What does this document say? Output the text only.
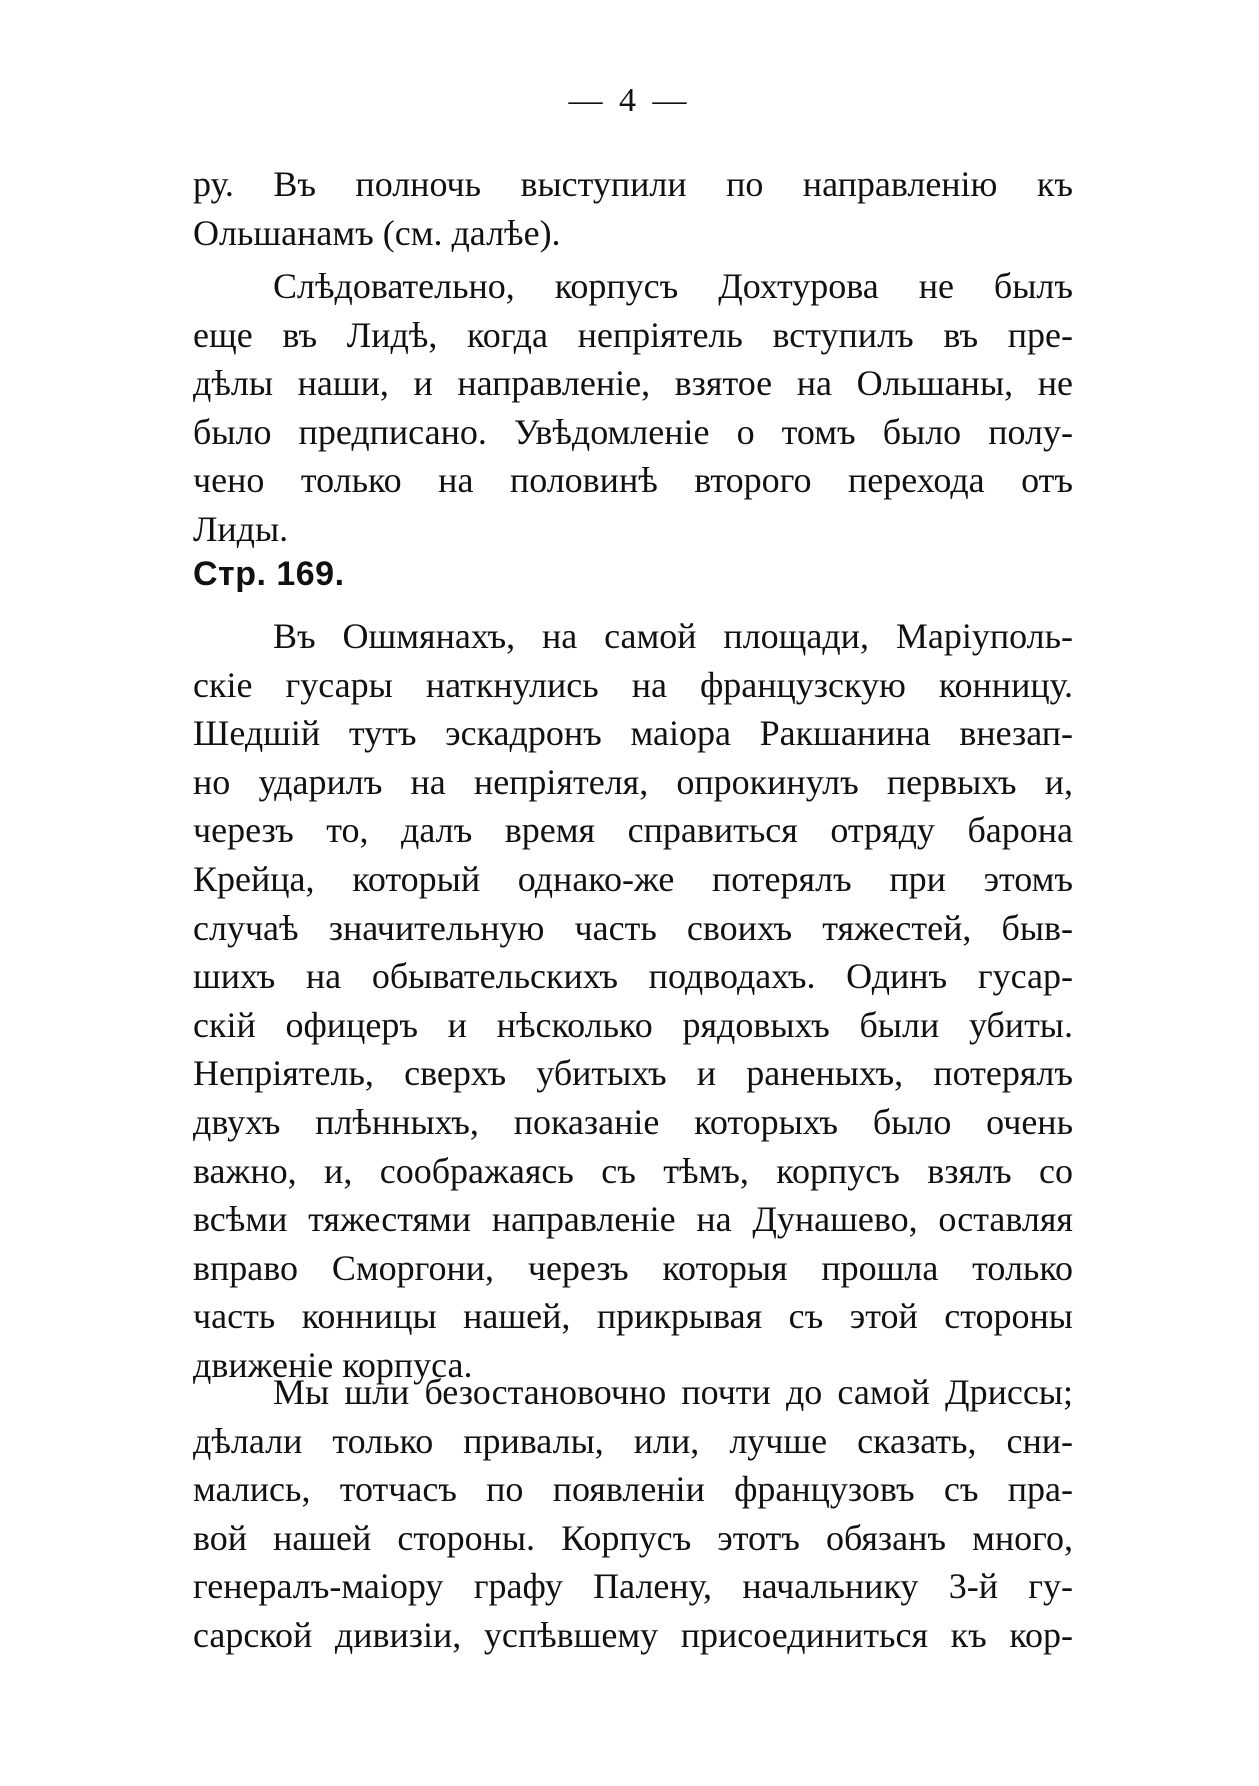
— 4 —
ру. Въ полночь выступили по направленію къ
Ольшанамъ (см. далѣе).
Слѣдовательно, корпусъ Дохтурова не былъ
еще въ Лидѣ, когда непріятель вступилъ въ пре-
дѣлы наши, и направленіе, взятое на Ольшаны, не
было предписано. Увѣдомленіе о томъ было полу-
чено только на половинѣ второго перехода отъ
Лиды.
Стр. 169.
Въ Ошмянахъ, на самой площади, Маріуполь-
скіе гусары наткнулись на французскую конницу.
Шедшій тутъ эскадронъ маіора Ракшанина внезап-
но ударилъ на непріятеля, опрокинулъ первыхъ и,
черезъ то, далъ время справиться отряду барона
Крейца, который однако-же потерялъ при этомъ
случаѣ значительную часть своихъ тяжестей, быв-
шихъ на обывательскихъ подводахъ. Одинъ гусар-
скій офицеръ и нѣсколько рядовыхъ были убиты.
Непріятель, сверхъ убитыхъ и раненыхъ, потерялъ
двухъ плѣнныхъ, показаніе которыхъ было очень
важно, и, соображаясь съ тѣмъ, корпусъ взялъ со
всѣми тяжестями направленіе на Дунашево, оставляя
вправо Сморгони, черезъ которыя прошла только
часть конницы нашей, прикрывая съ этой стороны
движеніе корпуса.
Мы шли безостановочно почти до самой Дриссы;
дѣлали только привалы, или, лучше сказать, сни-
мались, тотчасъ по появленіи французовъ съ пра-
вой нашей стороны. Корпусъ этотъ обязанъ много,
генералъ-маіору графу Палену, начальнику 3-й гу-
сарской дивизіи, успѣвшему присоединиться къ кор-
